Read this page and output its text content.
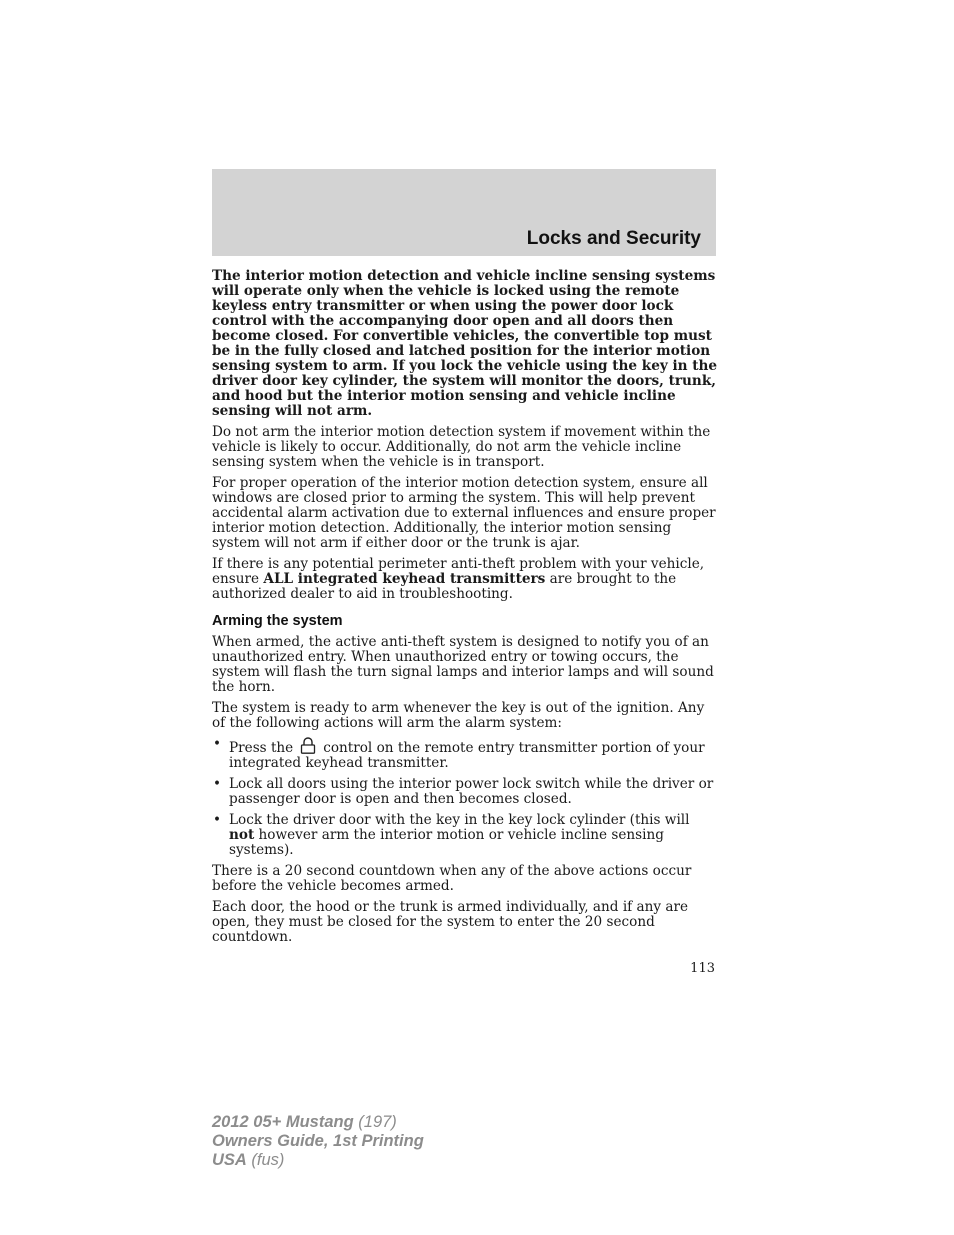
Locks and Security

The interior motion detection and vehicle incline sensing systems will operate only when the vehicle is locked using the remote keyless entry transmitter or when using the power door lock control with the accompanying door open and all doors then become closed. For convertible vehicles, the convertible top must be in the fully closed and latched position for the interior motion sensing system to arm. If you lock the vehicle using the key in the driver door key cylinder, the system will monitor the doors, trunk, and hood but the interior motion sensing and vehicle incline sensing will not arm.

Do not arm the interior motion detection system if movement within the vehicle is likely to occur. Additionally, do not arm the vehicle incline sensing system when the vehicle is in transport.

For proper operation of the interior motion detection system, ensure all windows are closed prior to arming the system. This will help prevent accidental alarm activation due to external influences and ensure proper interior motion detection. Additionally, the interior motion sensing system will not arm if either door or the trunk is ajar.

If there is any potential perimeter anti-theft problem with your vehicle, ensure ALL integrated keyhead transmitters are brought to the authorized dealer to aid in troubleshooting.

Arming the system

When armed, the active anti-theft system is designed to notify you of an unauthorized entry. When unauthorized entry or towing occurs, the system will flash the turn signal lamps and interior lamps and will sound the horn.

The system is ready to arm whenever the key is out of the ignition. Any of the following actions will arm the alarm system:

• Press the control on the remote entry transmitter portion of your integrated keyhead transmitter.
• Lock all doors using the interior power lock switch while the driver or passenger door is open and then becomes closed.
• Lock the driver door with the key in the key lock cylinder (this will not however arm the interior motion or vehicle incline sensing systems).

There is a 20 second countdown when any of the above actions occur before the vehicle becomes armed.

Each door, the hood or the trunk is armed individually, and if any are open, they must be closed for the system to enter the 20 second countdown.

113
2012 05+ Mustang (197)
Owners Guide, 1st Printing
USA (fus)
